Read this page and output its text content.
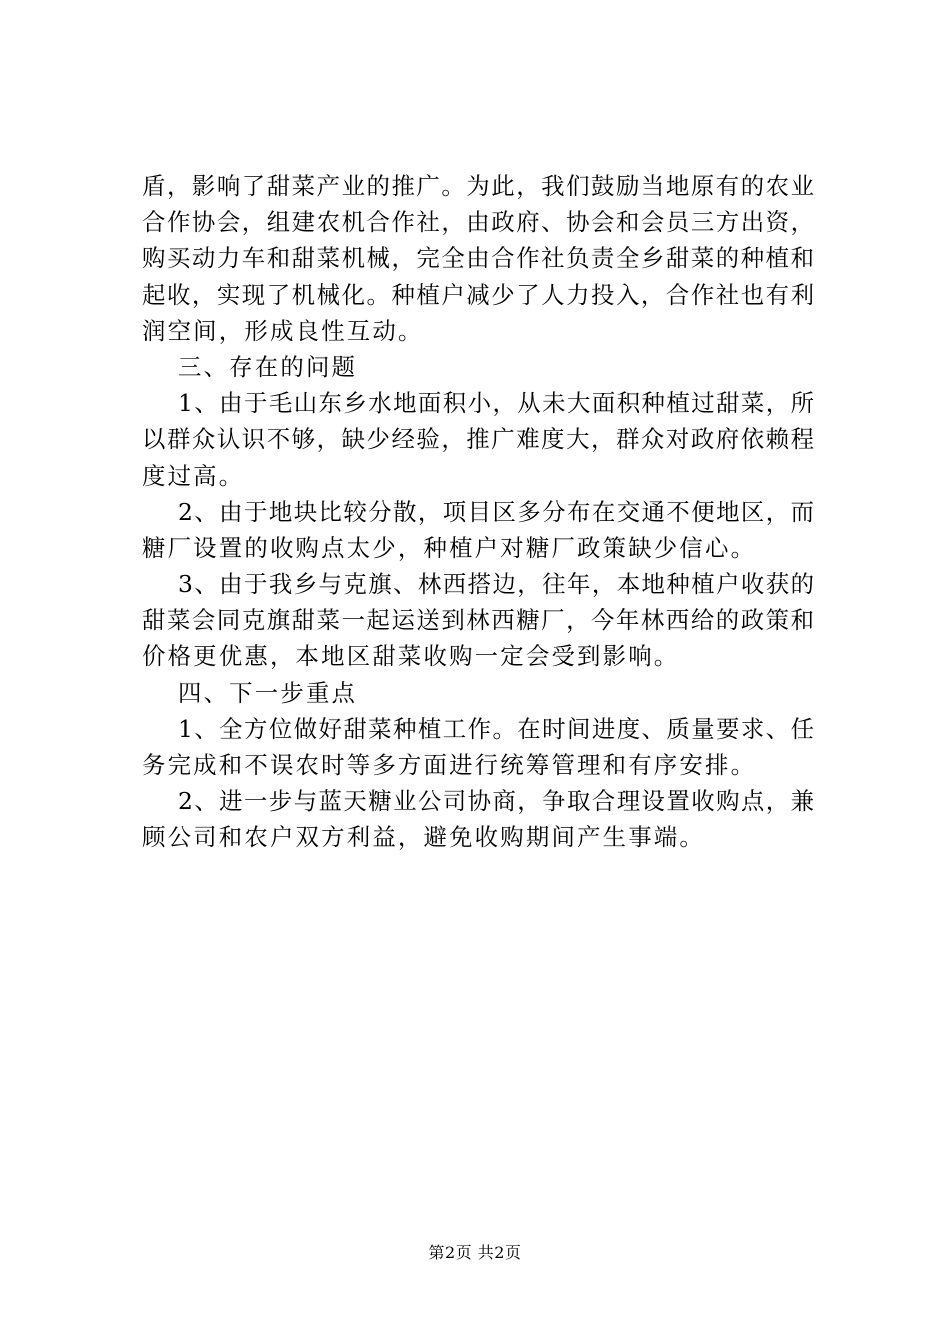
盾，影响了甜菜产业的推广。为此，我们鼓励当地原有的农业
合作协会，组建农机合作社，由政府、协会和会员三方出资，
购买动力车和甜菜机械，完全由合作社负责全乡甜菜的种植和
起收，实现了机械化。种植户减少了人力投入，合作社也有利
润空间，形成良性互动。
三、存在的问题
1、由于毛山东乡水地面积小，从未大面积种植过甜菜，所
以群众认识不够，缺少经验，推广难度大，群众对政府依赖程
度过高。
2、由于地块比较分散，项目区多分布在交通不便地区，而
糖厂设置的收购点太少，种植户对糖厂政策缺少信心。
3、由于我乡与克旗、林西搭边，往年，本地种植户收获的
甜菜会同克旗甜菜一起运送到林西糖厂，今年林西给的政策和
价格更优惠，本地区甜菜收购一定会受到影响。
四、下一步重点
1、全方位做好甜菜种植工作。在时间进度、质量要求、任
务完成和不误农时等多方面进行统筹管理和有序安排。
2、进一步与蓝天糖业公司协商，争取合理设置收购点，兼
顾公司和农户双方利益，避免收购期间产生事端。
第2页 共2页
